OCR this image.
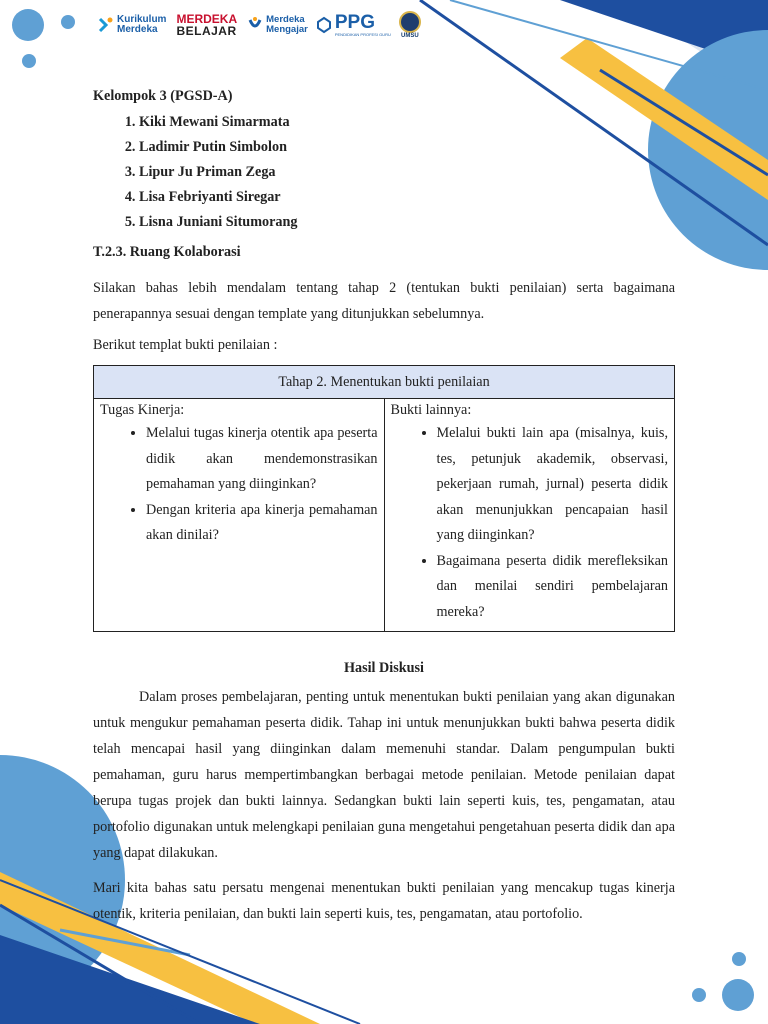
Kurikulum
Merdeka
MERDEKA
BELAJAR
Merdeka
Mengajar PPG
PENDIDIKAN PROFESI GURU UMSU

Kelompok 3 (PGSD-A)

1. Kiki Mewani Simarmata
2. Ladimir Putin Simbolon
3. Lipur Ju Priman Zega
4. Lisa Febriyanti Siregar
5. Lisna Juniani Situmorang

T.2.3. Ruang Kolaborasi

Silakan bahas lebih mendalam tentang tahap 2 (tentukan bukti penilaian) serta bagaimana penerapannya sesuai dengan template yang ditunjukkan sebelumnya.

Berikut templat bukti penilaian :

Tahap 2. Menentukan bukti penilaian

Tugas Kinerja:
• Melalui tugas kinerja otentik apa peserta didik akan mendemonstrasikan pemahaman yang diinginkan?
• Dengan kriteria apa kinerja pemahaman akan dinilai?

Bukti lainnya:
• Melalui bukti lain apa (misalnya, kuis, tes, petunjuk akademik, observasi, pekerjaan rumah, jurnal) peserta didik akan menunjukkan pencapaian hasil yang diinginkan?
• Bagaimana peserta didik merefleksikan dan menilai sendiri pembelajaran mereka?

Hasil Diskusi

Dalam proses pembelajaran, penting untuk menentukan bukti penilaian yang akan digunakan untuk mengukur pemahaman peserta didik. Tahap ini untuk menunjukkan bukti bahwa peserta didik telah mencapai hasil yang diinginkan dalam memenuhi standar. Dalam pengumpulan bukti pemahaman, guru harus mempertimbangkan berbagai metode penilaian. Metode penilaian dapat berupa tugas projek dan bukti lainnya. Sedangkan bukti lain seperti kuis, tes, pengamatan, atau portofolio digunakan untuk melengkapi penilaian guna mengetahui pengetahuan peserta didik dan apa yang dapat dilakukan.

Mari kita bahas satu persatu mengenai menentukan bukti penilaian yang mencakup tugas kinerja otentik, kriteria penilaian, dan bukti lain seperti kuis, tes, pengamatan, atau portofolio.
